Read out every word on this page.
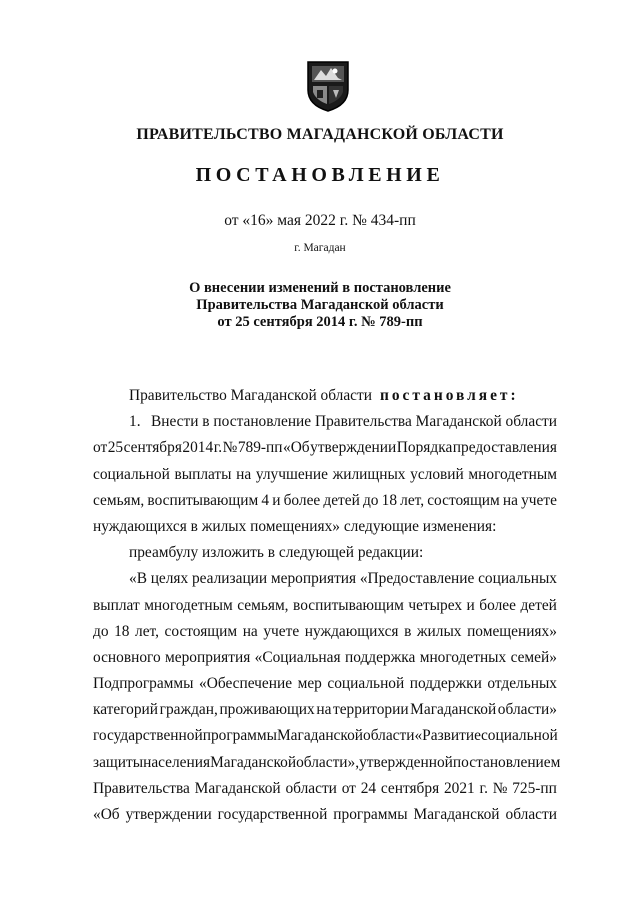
ПРАВИТЕЛЬСТВО МАГАДАНСКОЙ ОБЛАСТИ
ПОСТАНОВЛЕНИЕ
от «16» мая 2022 г. № 434-пп
г. Магадан
О внесении изменений в постановление
Правительства Магаданской области
от 25 сентября 2014 г. № 789-пп
Правительство Магаданской области постановляет:
1. Внести в постановление Правительства Магаданской области
от 25 сентября 2014 г. № 789-пп «Об утверждении Порядка предоставления
социальной выплаты на улучшение жилищных условий многодетным
семьям, воспитывающим 4 и более детей до 18 лет, состоящим на учете
нуждающихся в жилых помещениях» следующие изменения:
преамбулу изложить в следующей редакции:
«В целях реализации мероприятия «Предоставление социальных
выплат многодетным семьям, воспитывающим четырех и более детей
до 18 лет, состоящим на учете нуждающихся в жилых помещениях»
основного мероприятия «Социальная поддержка многодетных семей»
Подпрограммы «Обеспечение мер социальной поддержки отдельных
категорий граждан, проживающих на территории Магаданской области»
государственной программы Магаданской области «Развитие социальной
защиты населения Магаданской области», утвержденной постановлением
Правительства Магаданской области от 24 сентября 2021 г. № 725-пп
«Об утверждении государственной программы Магаданской области
